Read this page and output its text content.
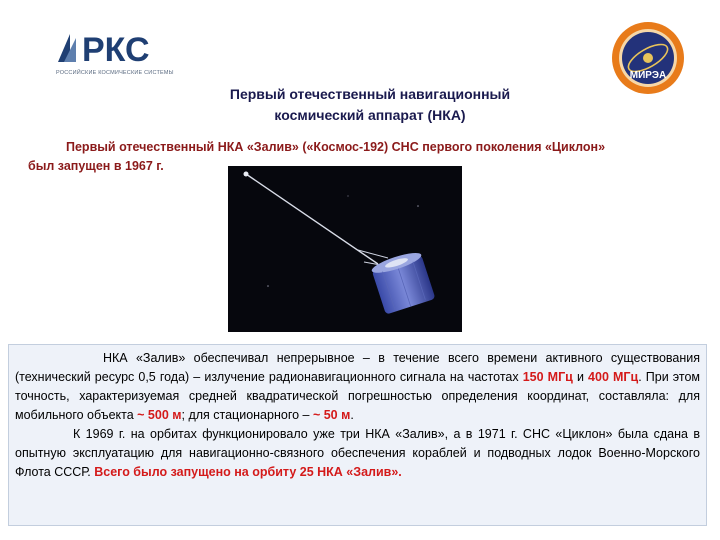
РКС
РОССИЙСКИЕ КОСМИЧЕСКИЕ СИСТЕМЫ	МИРЭА
Первый отечественный навигационный
космический аппарат (НКА)
Первый отечественный НКА «Залив» («Космос-192) СНС первого поколения «Циклон»
был запущен в 1967 г.

НКА «Залив» обеспечивал непрерывное – в течение всего времени активного существования (технический ресурс 0,5 года) – излучение радионавигационного сигнала на частотах 150 МГц и 400 МГц. При этом точность, характеризуемая средней квадратической погрешностью определения координат, составляла: для мобильного объекта ~ 500 м; для стационарного – ~ 50 м.

К 1969 г. на орбитах функционировало уже три НКА «Залив», а в 1971 г. СНС «Циклон» была сдана в опытную эксплуатацию для навигационно-связного обеспечения кораблей и подводных лодок Военно-Морского Флота СССР. Всего было запущено на орбиту 25 НКА «Залив».
